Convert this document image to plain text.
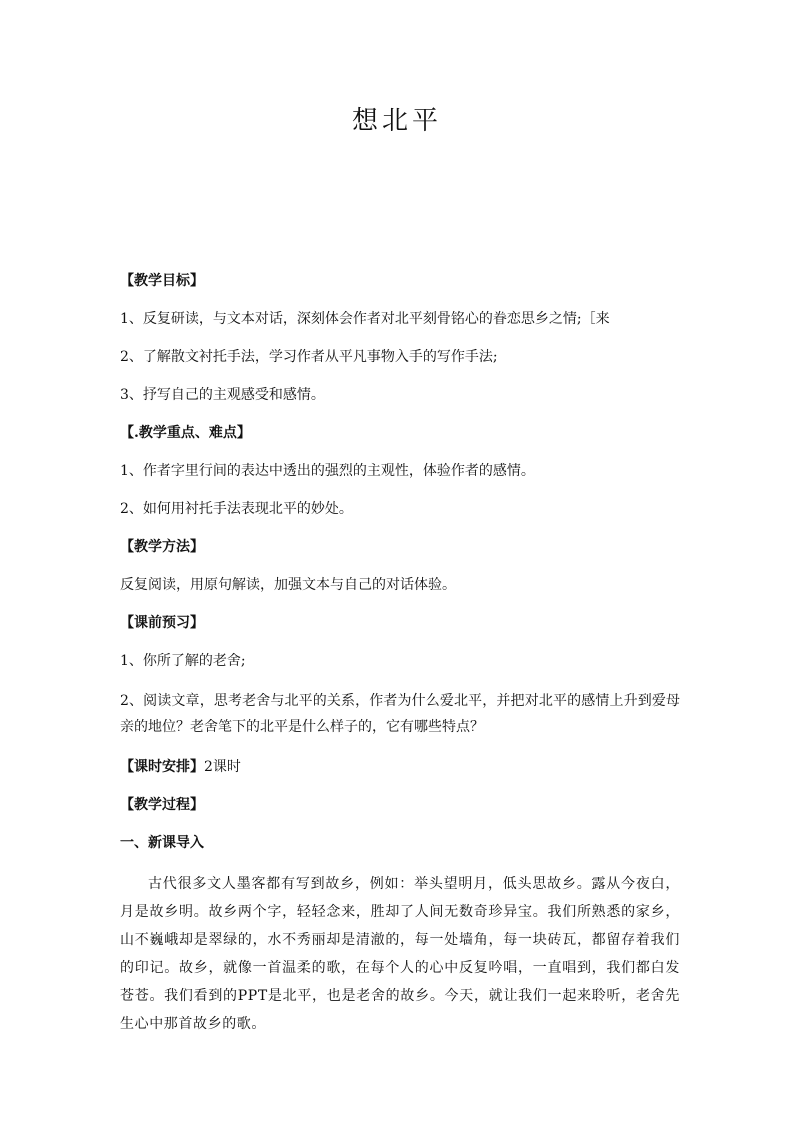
想北平

【教学目标】

1、反复研读，与文本对话，深刻体会作者对北平刻骨铭心的眷恋思乡之情;［来

2、了解散文衬托手法，学习作者从平凡事物入手的写作手法;

3、抒写自己的主观感受和感情。

【.教学重点、难点】

1、作者字里行间的表达中透出的强烈的主观性，体验作者的感情。

2、如何用衬托手法表现北平的妙处。

【教学方法】

反复阅读，用原句解读，加强文本与自己的对话体验。

【课前预习】

1、你所了解的老舍;

2、阅读文章，思考老舍与北平的关系，作者为什么爱北平，并把对北平的感情上升到爱母亲的地位？老舍笔下的北平是什么样子的，它有哪些特点？

【课时安排】2课时

【教学过程】

一、新课导入

古代很多文人墨客都有写到故乡，例如：举头望明月，低头思故乡。露从今夜白，月是故乡明。故乡两个字，轻轻念来，胜却了人间无数奇珍异宝。我们所熟悉的家乡，山不巍峨却是翠绿的，水不秀丽却是清澈的，每一处墙角，每一块砖瓦，都留存着我们的印记。故乡，就像一首温柔的歌，在每个人的心中反复吟唱，一直唱到，我们都白发苍苍。我们看到的PPT是北平，也是老舍的故乡。今天，就让我们一起来聆听，老舍先生心中那首故乡的歌。
